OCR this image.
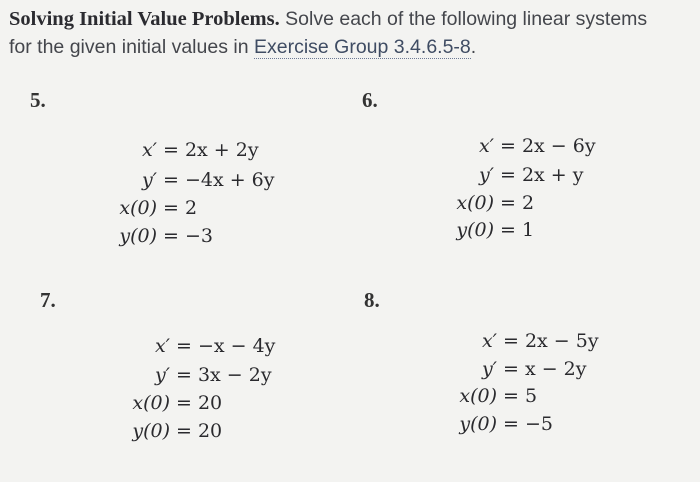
Solving Initial Value Problems. Solve each of the following linear systems
for the given initial values in Exercise Group 3.4.6.5-8.
5.
x′ = 2x + 2y
y′ = −4x + 6y
x(0) = 2
y(0) = −3
6.
x′ = 2x − 6y
y′ = 2x + y
x(0) = 2
y(0) = 1
7.
x′ = −x − 4y
y′ = 3x − 2y
x(0) = 20
y(0) = 20
8.
x′ = 2x − 5y
y′ = x − 2y
x(0) = 5
y(0) = −5
